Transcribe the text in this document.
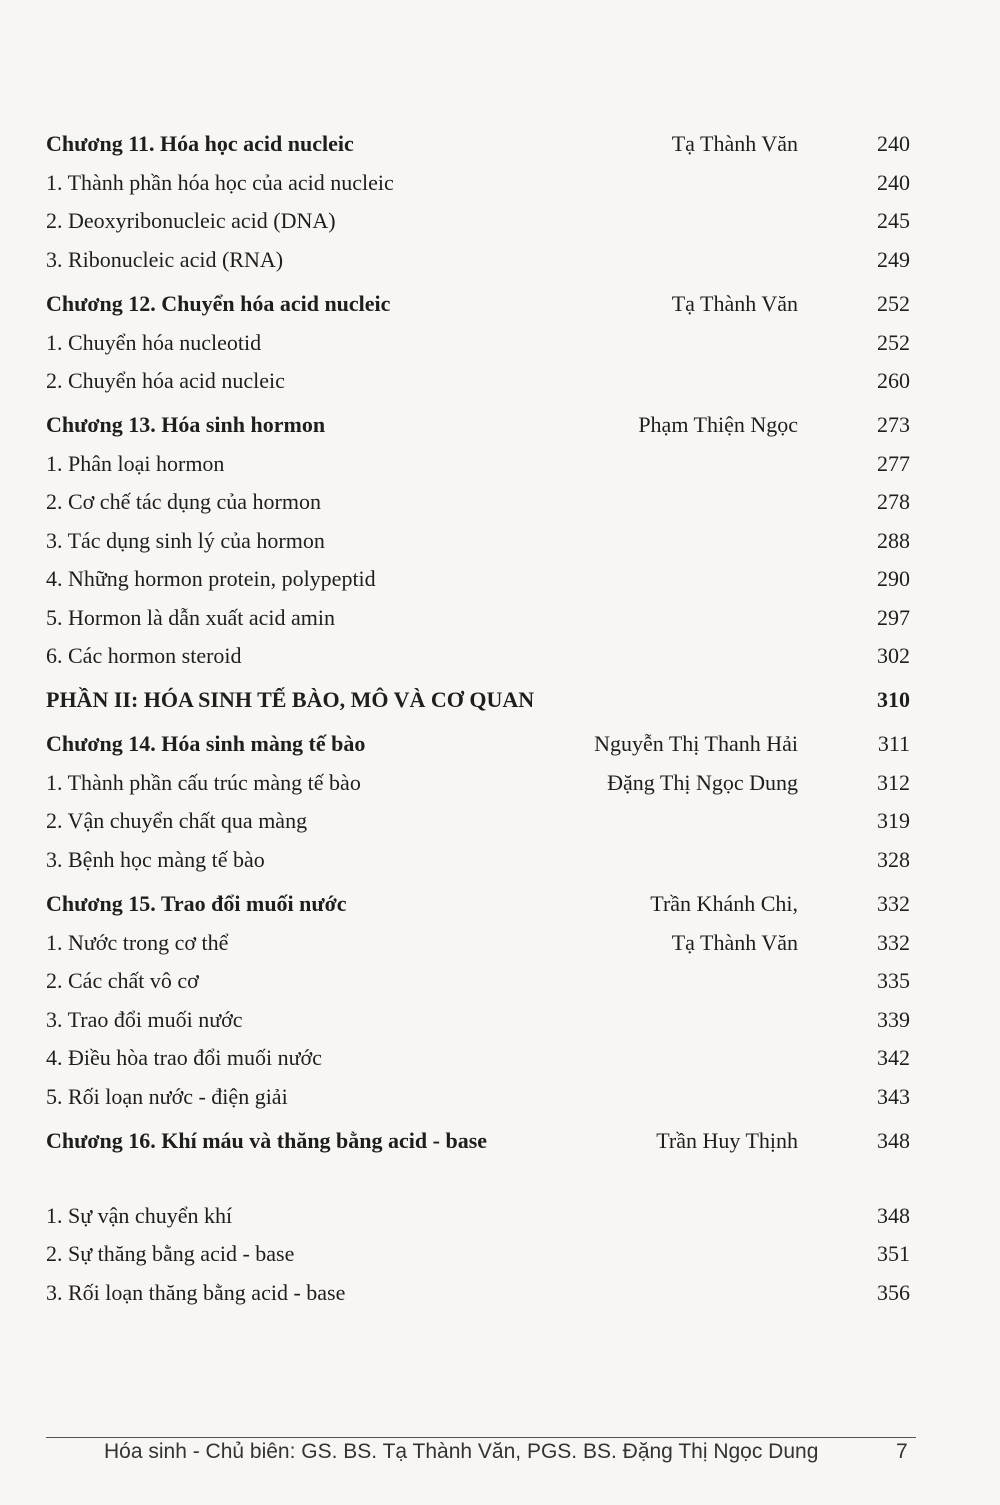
Chương 11. Hóa học acid nucleic	Tạ Thành Văn	240
1. Thành phần hóa học của acid nucleic	240
2. Deoxyribonucleic acid (DNA)	245
3. Ribonucleic acid (RNA)	249
Chương 12. Chuyển hóa acid nucleic	Tạ Thành Văn	252
1. Chuyển hóa nucleotid	252
2. Chuyển hóa acid nucleic	260
Chương 13. Hóa sinh hormon	Phạm Thiện Ngọc	273
1. Phân loại hormon	277
2. Cơ chế tác dụng của hormon	278
3. Tác dụng sinh lý của hormon	288
4. Những hormon protein, polypeptid	290
5. Hormon là dẫn xuất acid amin	297
6. Các hormon steroid	302
PHẦN II: HÓA SINH TẾ BÀO, MÔ VÀ CƠ QUAN	310
Chương 14. Hóa sinh màng tế bào	Nguyễn Thị Thanh Hải	311
1. Thành phần cấu trúc màng tế bào	Đặng Thị Ngọc Dung	312
2. Vận chuyển chất qua màng	319
3. Bệnh học màng tế bào	328
Chương 15. Trao đổi muối nước	Trần Khánh Chi,	332
1. Nước trong cơ thể	Tạ Thành Văn	332
2. Các chất vô cơ	335
3. Trao đổi muối nước	339
4. Điều hòa trao đổi muối nước	342
5. Rối loạn nước - điện giải	343
Chương 16. Khí máu và thăng bằng acid - base	Trần Huy Thịnh	348
1. Sự vận chuyển khí	348
2. Sự thăng bằng acid - base	351
3. Rối loạn thăng bằng acid - base	356
Hóa sinh - Chủ biên: GS. BS. Tạ Thành Văn, PGS. BS. Đặng Thị Ngọc Dung	7
